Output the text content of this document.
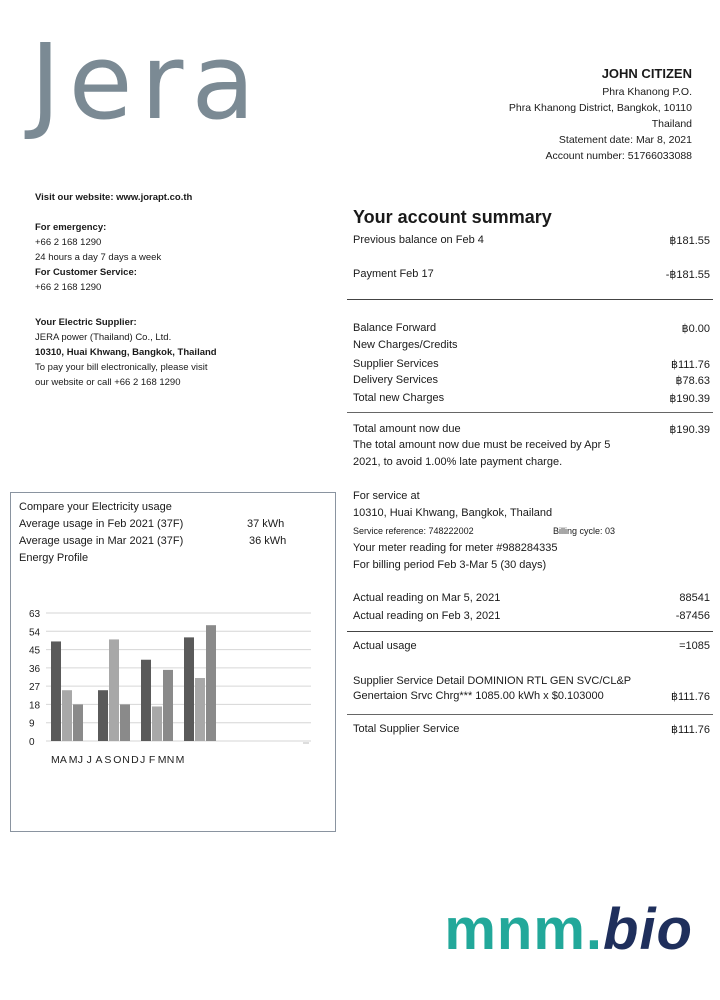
Jera	JOHN CITIZEN
Phra Khanong P.O.
Phra Khanong District, Bangkok, 10110
Thailand
Statement date: Mar 8, 2021
Account number: 51766033088
Visit our website: www.jorapt.co.th
For emergency:
+66 2 168 1290
24 hours a day 7 days a week
For Customer Service:
+66 2 168 1290
Your Electric Supplier:
JERA power (Thailand) Co., Ltd.
10310, Huai Khwang, Bangkok, Thailand
To pay your bill electronically, please visit
our website or call +66 2 168 1290
Your account summary
Previous balance on Feb 4	฿181.55
Payment Feb 17	-฿181.55
Balance Forward	฿0.00
New Charges/Credits
Supplier Services	฿111.76
Delivery Services	฿78.63
Total new Charges	฿190.39
Total amount now due	฿190.39
The total amount now due must be received by Apr 5
2021, to avoid 1.00% late payment charge.
For service at
10310, Huai Khwang, Bangkok, Thailand
Service reference: 748222002	Billing cycle: 03
Your meter reading for meter #988284335
For billing period Feb 3-Mar 5 (30 days)
Actual reading on Mar 5, 2021	88541
Actual reading on Feb 3, 2021	-87456
Actual usage	=1085
Supplier Service Detail DOMINION RTL GEN SVC/CL&P
Genertaion Srvc Chrg*** 1085.00 kWh x $0.103000	฿111.76
Total Supplier Service	฿111.76
Compare your Electricity usage
Average usage in Feb 2021 (37F)	37 kWh
Average usage in Mar 2021 (37F)	36 kWh
Energy Profile
63
54
45
36
27
18
9
0
M A M J J A S O N D J F M N M
mnm.bio
